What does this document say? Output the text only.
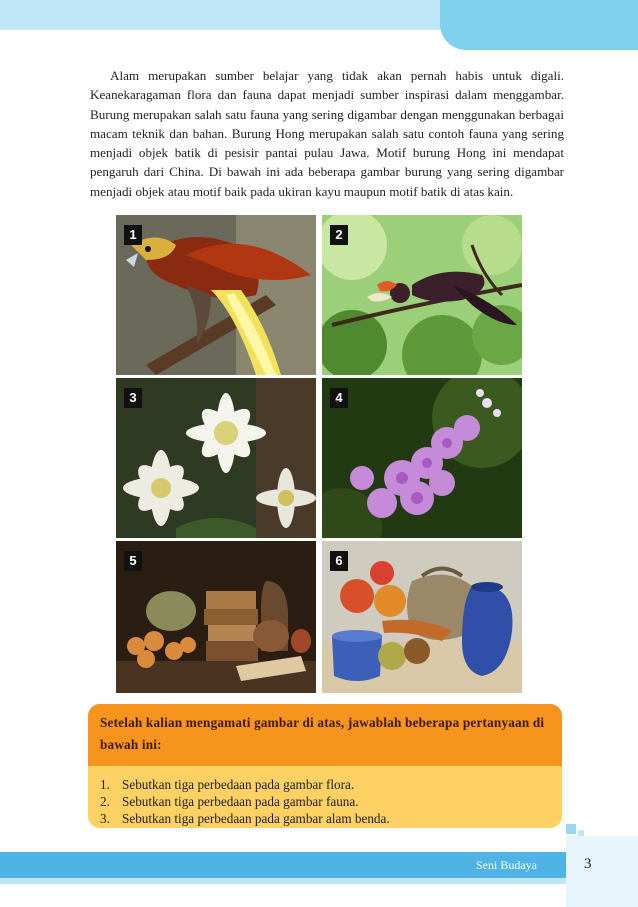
Alam merupakan sumber belajar yang tidak akan pernah habis untuk digali. Keanekaragaman flora dan fauna dapat menjadi sumber inspirasi dalam menggambar. Burung merupakan salah satu fauna yang sering digambar dengan menggunakan berbagai macam teknik dan bahan. Burung Hong merupakan salah satu contoh fauna yang sering menjadi objek batik di pesisir pantai pulau Jawa. Motif burung Hong ini mendapat pengaruh dari China. Di bawah ini ada beberapa gambar burung yang sering digambar menjadi objek atau motif baik pada ukiran kayu maupun motif batik di atas kain.

1	2
3	4
5	6
Setelah kalian mengamati gambar di atas, jawablah beberapa pertanyaan di bawah ini:
1. Sebutkan tiga perbedaan pada gambar flora.
2. Sebutkan tiga perbedaan pada gambar fauna.
3. Sebutkan tiga perbedaan pada gambar alam benda.
Seni Budaya	3
